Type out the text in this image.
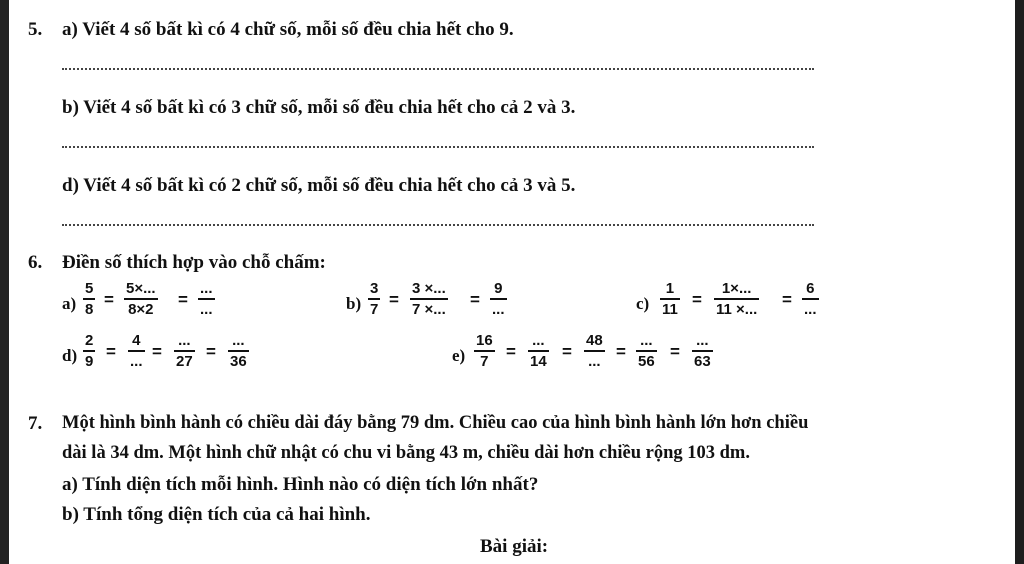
5. a) Viết 4 số bất kì có 4 chữ số, mỗi số đều chia hết cho 9.
b) Viết 4 số bất kì có 3 chữ số, mỗi số đều chia hết cho cả 2 và 3.
d) Viết 4 số bất kì có 2 chữ số, mỗi số đều chia hết cho cả 3 và 5.
6. Điền số thích hợp vào chỗ chấm:
a)
5
8
=
5×...
8×2
=
...
...	b)
3
7
=
3 ×...
7 ×...
=
9
...	c)
1
11
=
1×...
11 ×...
=
6
...
d)
2
9
=
4
...
=
...
27
=
...
36	e)
16
7
=
...
14
=
48
...
=
...
56
=
...
63
7. Một hình bình hành có chiều dài đáy bằng 79 dm. Chiều cao của hình bình hành lớn hơn chiều
dài là 34 dm. Một hình chữ nhật có chu vi bằng 43 m, chiều dài hơn chiều rộng 103 dm.
a) Tính diện tích mỗi hình. Hình nào có diện tích lớn nhất?
b) Tính tổng diện tích của cả hai hình.
Bài giải:
